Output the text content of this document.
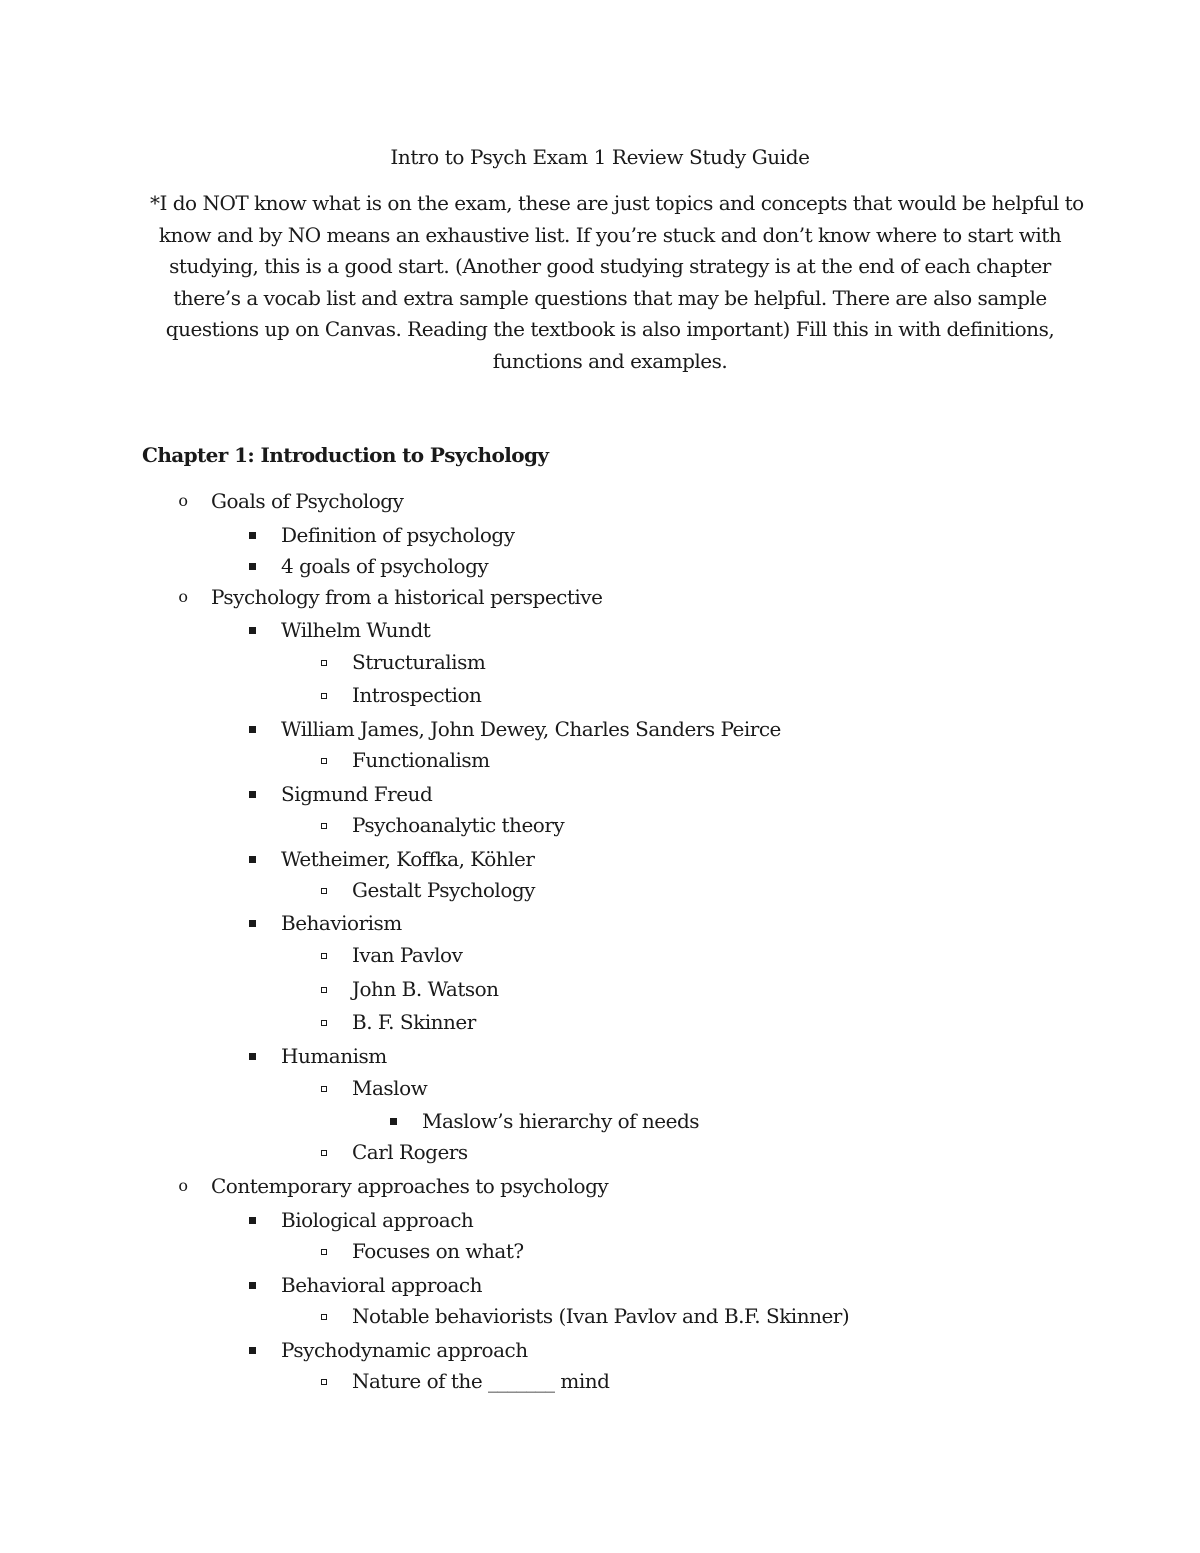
Intro to Psych Exam 1 Review Study Guide
*I do NOT know what is on the exam, these are just topics and concepts that would be helpful to
know and by NO means an exhaustive list. If you’re stuck and don’t know where to start with
studying, this is a good start. (Another good studying strategy is at the end of each chapter
there’s a vocab list and extra sample questions that may be helpful. There are also sample
questions up on Canvas. Reading the textbook is also important) Fill this in with definitions,
functions and examples.
Chapter 1: Introduction to Psychology
o Goals of Psychology
Definition of psychology
4 goals of psychology
o Psychology from a historical perspective
Wilhelm Wundt
Structuralism
Introspection
William James, John Dewey, Charles Sanders Peirce
Functionalism
Sigmund Freud
Psychoanalytic theory
Wetheimer, Koffka, Köhler
Gestalt Psychology
Behaviorism
Ivan Pavlov
John B. Watson
B. F. Skinner
Humanism
Maslow
Maslow’s hierarchy of needs
Carl Rogers
o Contemporary approaches to psychology
Biological approach
Focuses on what?
Behavioral approach
Notable behaviorists (Ivan Pavlov and B.F. Skinner)
Psychodynamic approach
Nature of the _______ mind
